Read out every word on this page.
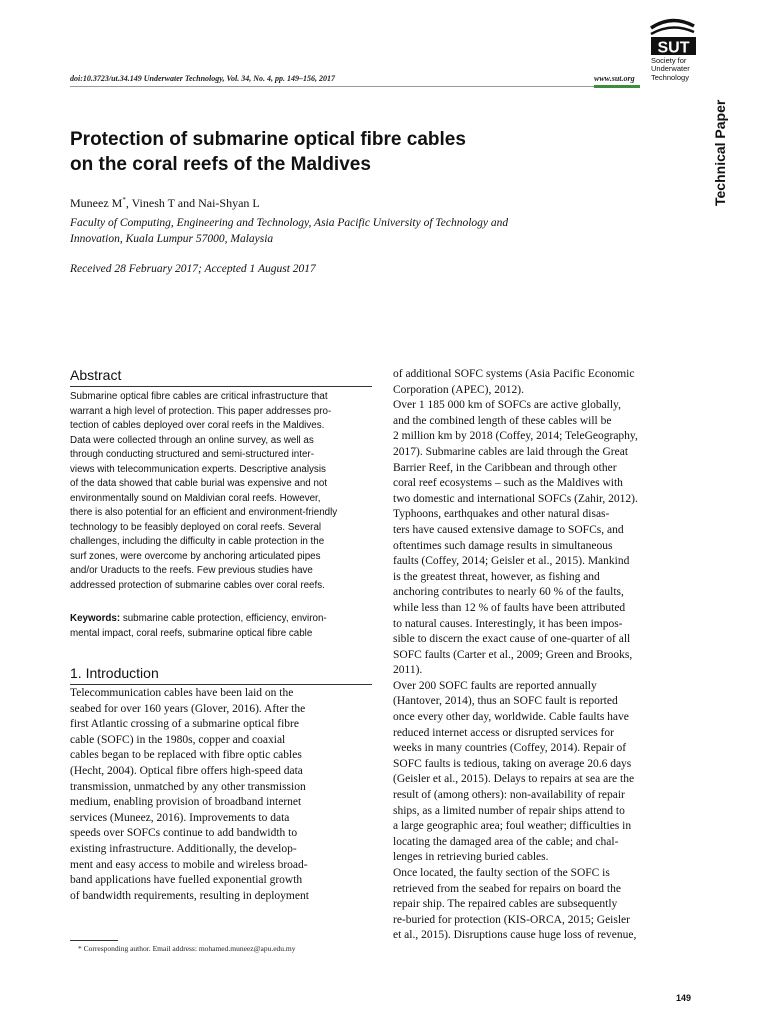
doi:10.3723/ut.34.149 Underwater Technology, Vol. 34, No. 4, pp. 149–156, 2017	www.sut.org
SUT
Society for
Underwater
Technology
Technical Paper
Protection of submarine optical fibre cables
on the coral reefs of the Maldives
Muneez M*, Vinesh T and Nai-Shyan L
Faculty of Computing, Engineering and Technology, Asia Pacific University of Technology and
Innovation, Kuala Lumpur 57000, Malaysia
Received 28 February 2017; Accepted 1 August 2017
Abstract
Submarine optical fibre cables are critical infrastructure that
warrant a high level of protection. This paper addresses pro-
tection of cables deployed over coral reefs in the Maldives.
Data were collected through an online survey, as well as
through conducting structured and semi-structured inter-
views with telecommunication experts. Descriptive analysis
of the data showed that cable burial was expensive and not
environmentally sound on Maldivian coral reefs. However,
there is also potential for an efficient and environment-friendly
technology to be feasibly deployed on coral reefs. Several
challenges, including the difficulty in cable protection in the
surf zones, were overcome by anchoring articulated pipes
and/or Uraducts to the reefs. Few previous studies have
addressed protection of submarine cables over coral reefs.
Keywords: submarine cable protection, efficiency, environ-
mental impact, coral reefs, submarine optical fibre cable
1. Introduction
Telecommunication cables have been laid on the
seabed for over 160 years (Glover, 2016). After the
first Atlantic crossing of a submarine optical fibre
cable (SOFC) in the 1980s, copper and coaxial
cables began to be replaced with fibre optic cables
(Hecht, 2004). Optical fibre offers high-speed data
transmission, unmatched by any other transmission
medium, enabling provision of broadband internet
services (Muneez, 2016). Improvements to data
speeds over SOFCs continue to add bandwidth to
existing infrastructure. Additionally, the develop-
ment and easy access to mobile and wireless broad-
band applications have fuelled exponential growth
of bandwidth requirements, resulting in deployment
of additional SOFC systems (Asia Pacific Economic
Corporation (APEC), 2012).
Over 1 185 000 km of SOFCs are active globally,
and the combined length of these cables will be
2 million km by 2018 (Coffey, 2014; TeleGeography,
2017). Submarine cables are laid through the Great
Barrier Reef, in the Caribbean and through other
coral reef ecosystems – such as the Maldives with
two domestic and international SOFCs (Zahir, 2012).
Typhoons, earthquakes and other natural disas-
ters have caused extensive damage to SOFCs, and
oftentimes such damage results in simultaneous
faults (Coffey, 2014; Geisler et al., 2015). Mankind
is the greatest threat, however, as fishing and
anchoring contributes to nearly 60 % of the faults,
while less than 12 % of faults have been attributed
to natural causes. Interestingly, it has been impos-
sible to discern the exact cause of one-quarter of all
SOFC faults (Carter et al., 2009; Green and Brooks,
2011).
Over 200 SOFC faults are reported annually
(Hantover, 2014), thus an SOFC fault is reported
once every other day, worldwide. Cable faults have
reduced internet access or disrupted services for
weeks in many countries (Coffey, 2014). Repair of
SOFC faults is tedious, taking on average 20.6 days
(Geisler et al., 2015). Delays to repairs at sea are the
result of (among others): non-availability of repair
ships, as a limited number of repair ships attend to
a large geographic area; foul weather; difficulties in
locating the damaged area of the cable; and chal-
lenges in retrieving buried cables.
Once located, the faulty section of the SOFC is
retrieved from the seabed for repairs on board the
repair ship. The repaired cables are subsequently
re-buried for protection (KIS-ORCA, 2015; Geisler
et al., 2015). Disruptions cause huge loss of revenue,
* Corresponding author. Email address: mohamed.muneez@apu.edu.my
149
